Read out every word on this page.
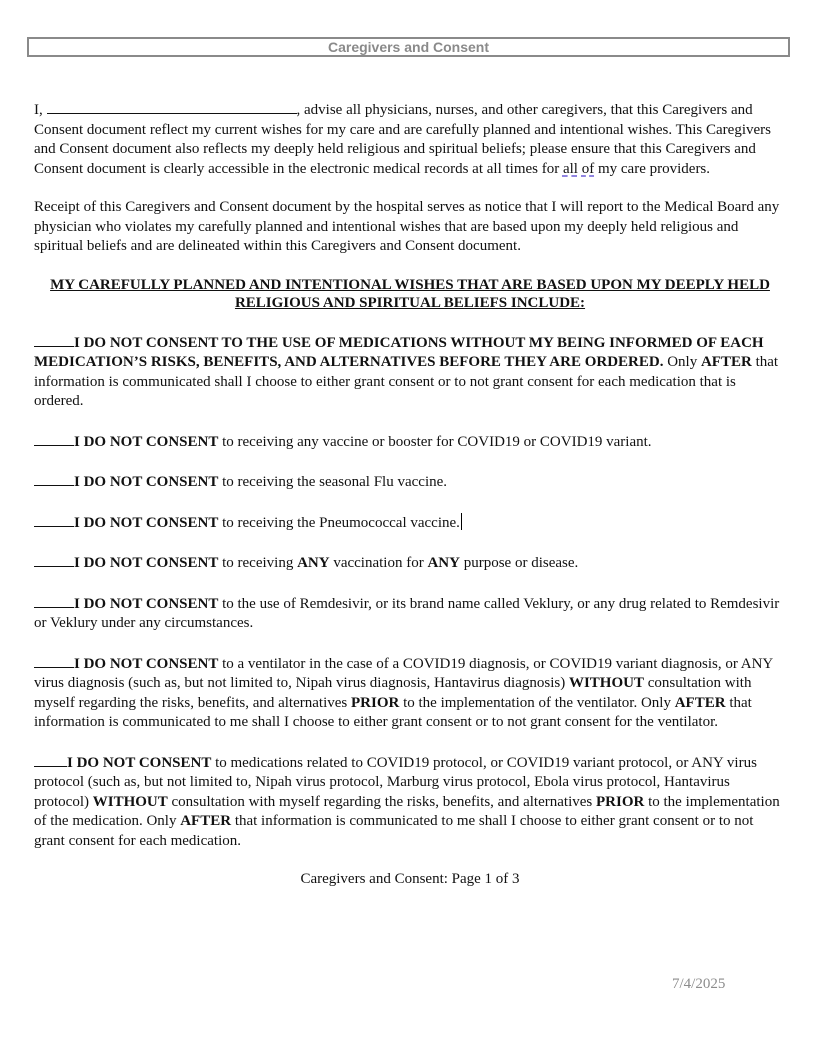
Caregivers and Consent

I,	, advise all physicians, nurses, and other caregivers, that this Caregivers and Consent document reflect my current wishes for my care and are carefully planned and intentional wishes. This Caregivers and Consent document also reflects my deeply held religious and spiritual beliefs; please ensure that this Caregivers and Consent document is clearly accessible in the electronic medical records at all times for all of my care providers.

Receipt of this Caregivers and Consent document by the hospital serves as notice that I will report to the Medical Board any physician who violates my carefully planned and intentional wishes that are based upon my deeply held religious and spiritual beliefs and are delineated within this Caregivers and Consent document.

MY CAREFULLY PLANNED AND INTENTIONAL WISHES THAT ARE BASED UPON MY DEEPLY HELD RELIGIOUS AND SPIRITUAL BELIEFS INCLUDE:

I DO NOT CONSENT TO THE USE OF MEDICATIONS WITHOUT MY BEING INFORMED OF EACH MEDICATION’S RISKS, BENEFITS, AND ALTERNATIVES BEFORE THEY ARE ORDERED. Only AFTER that information is communicated shall I choose to either grant consent or to not grant consent for each medication that is ordered.

I DO NOT CONSENT to receiving any vaccine or booster for COVID19 or COVID19 variant.

I DO NOT CONSENT to receiving the seasonal Flu vaccine.

I DO NOT CONSENT to receiving the Pneumococcal vaccine.

I DO NOT CONSENT to receiving ANY vaccination for ANY purpose or disease.

I DO NOT CONSENT to the use of Remdesivir, or its brand name called Veklury, or any drug related to Remdesivir or Veklury under any circumstances.

I DO NOT CONSENT to a ventilator in the case of a COVID19 diagnosis, or COVID19 variant diagnosis, or ANY virus diagnosis (such as, but not limited to, Nipah virus diagnosis, Hantavirus diagnosis) WITHOUT consultation with myself regarding the risks, benefits, and alternatives PRIOR to the implementation of the ventilator. Only AFTER that information is communicated to me shall I choose to either grant consent or to not grant consent for the ventilator.

I DO NOT CONSENT to medications related to COVID19 protocol, or COVID19 variant protocol, or ANY virus protocol (such as, but not limited to, Nipah virus protocol, Marburg virus protocol, Ebola virus protocol, Hantavirus protocol) WITHOUT consultation with myself regarding the risks, benefits, and alternatives PRIOR to the implementation of the medication. Only AFTER that information is communicated to me shall I choose to either grant consent or to not grant consent for each medication.

Caregivers and Consent: Page 1 of 3

7/4/2025
